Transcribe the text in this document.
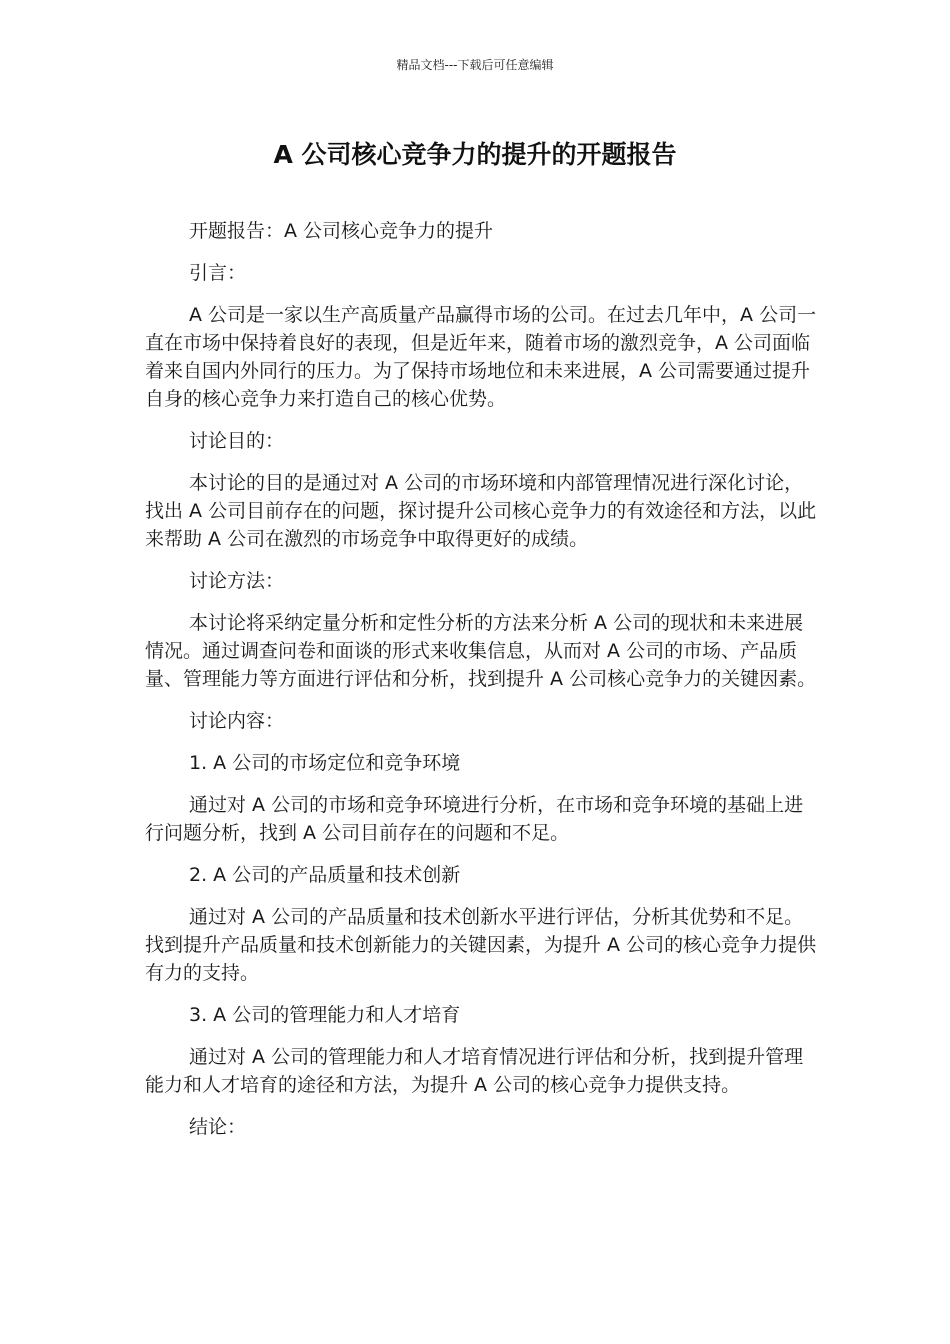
精品文档---下载后可任意编辑
A 公司核心竞争力的提升的开题报告

开题报告：A 公司核心竞争力的提升

引言：

A 公司是一家以生产高质量产品赢得市场的公司。在过去几年中，A 公司一直在市场中保持着良好的表现，但是近年来，随着市场的激烈竞争，A 公司面临着来自国内外同行的压力。为了保持市场地位和未来进展，A 公司需要通过提升自身的核心竞争力来打造自己的核心优势。

讨论目的：

本讨论的目的是通过对 A 公司的市场环境和内部管理情况进行深化讨论，找出 A 公司目前存在的问题，探讨提升公司核心竞争力的有效途径和方法，以此来帮助 A 公司在激烈的市场竞争中取得更好的成绩。

讨论方法：

本讨论将采纳定量分析和定性分析的方法来分析 A 公司的现状和未来进展情况。通过调查问卷和面谈的形式来收集信息，从而对 A 公司的市场、产品质量、管理能力等方面进行评估和分析，找到提升 A 公司核心竞争力的关键因素。

讨论内容：

1. A 公司的市场定位和竞争环境

通过对 A 公司的市场和竞争环境进行分析，在市场和竞争环境的基础上进行问题分析，找到 A 公司目前存在的问题和不足。

2. A 公司的产品质量和技术创新

通过对 A 公司的产品质量和技术创新水平进行评估，分析其优势和不足。找到提升产品质量和技术创新能力的关键因素，为提升 A 公司的核心竞争力提供有力的支持。

3. A 公司的管理能力和人才培育

通过对 A 公司的管理能力和人才培育情况进行评估和分析，找到提升管理能力和人才培育的途径和方法，为提升 A 公司的核心竞争力提供支持。

结论：
